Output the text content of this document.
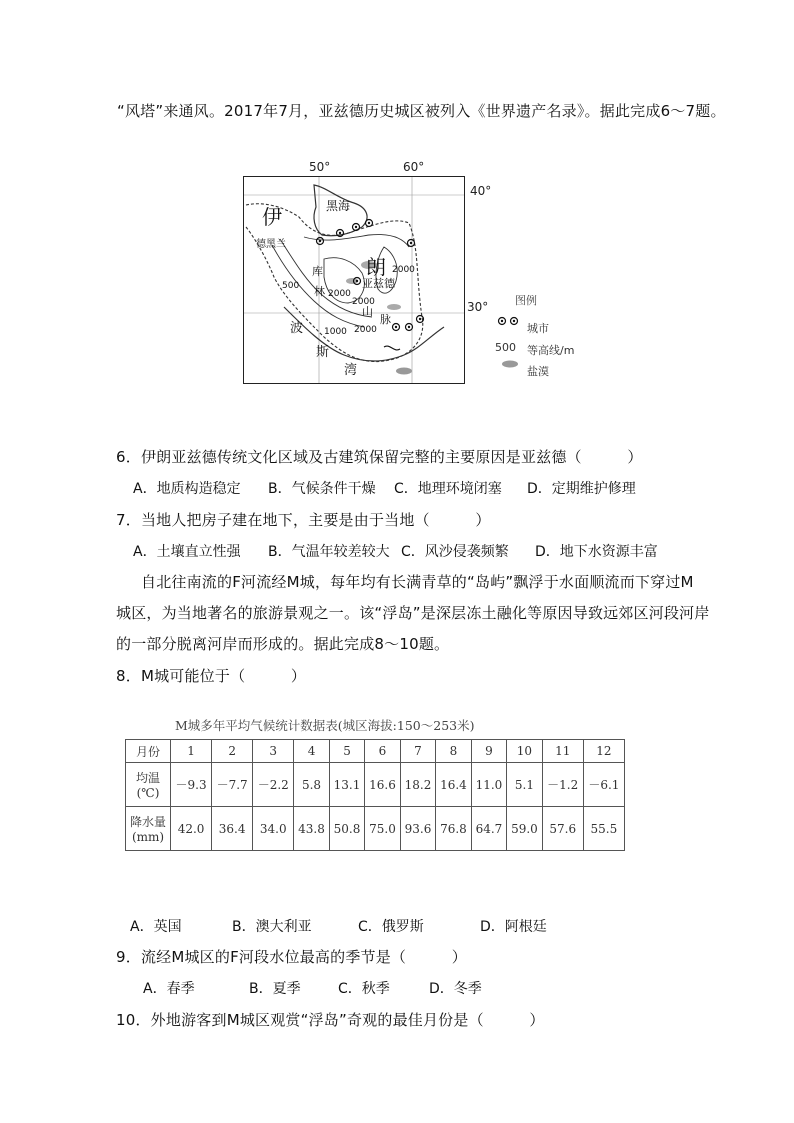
“风塔”来通风。2017年7月，亚兹德历史城区被列入《世界遗产名录》。据此完成6～7题。
50°	60°
40°
30°
黑海
伊
朗
德黑兰
库
林
亚兹德
山
脉
波
斯
湾
2000
2000
2000
2000
1000
500
图例
城市
500 等高线/m
盐漠
6．伊朗亚兹德传统文化区域及古建筑保留完整的主要原因是亚兹德（　　　）
A．地质构造稳定 B．气候条件干燥 C．地理环境闭塞 D．定期维护修理
7．当地人把房子建在地下，主要是由于当地（　　　）
A．土壤直立性强 B．气温年较差较大 C．风沙侵袭频繁 D．地下水资源丰富
自北往南流的F河流经M城，每年均有长满青草的“岛屿”飘浮于水面顺流而下穿过M
城区，为当地著名的旅游景观之一。该“浮岛”是深层冻土融化等原因导致远郊区河段河岸
的一部分脱离河岸而形成的。据此完成8～10题。
8．M城可能位于（　　　）
M城多年平均气候统计数据表(城区海拔:150～253米)
月份	1	2	3	4	5	6	7	8	9	10	11	12
均温
(℃)	－9.3	－7.7	－2.2	5.8	13.1	16.6	18.2	16.4	11.0	5.1	－1.2	－6.1
降水量
(mm)	42.0	36.4	34.0	43.8	50.8	75.0	93.6	76.8	64.7	59.0	57.6	55.5
A．英国	B．澳大利亚	C．俄罗斯	D．阿根廷
9．流经M城区的F河段水位最高的季节是（　　　）
A．春季	B．夏季	C．秋季	D．冬季
10．外地游客到M城区观赏“浮岛”奇观的最佳月份是（　　　）
